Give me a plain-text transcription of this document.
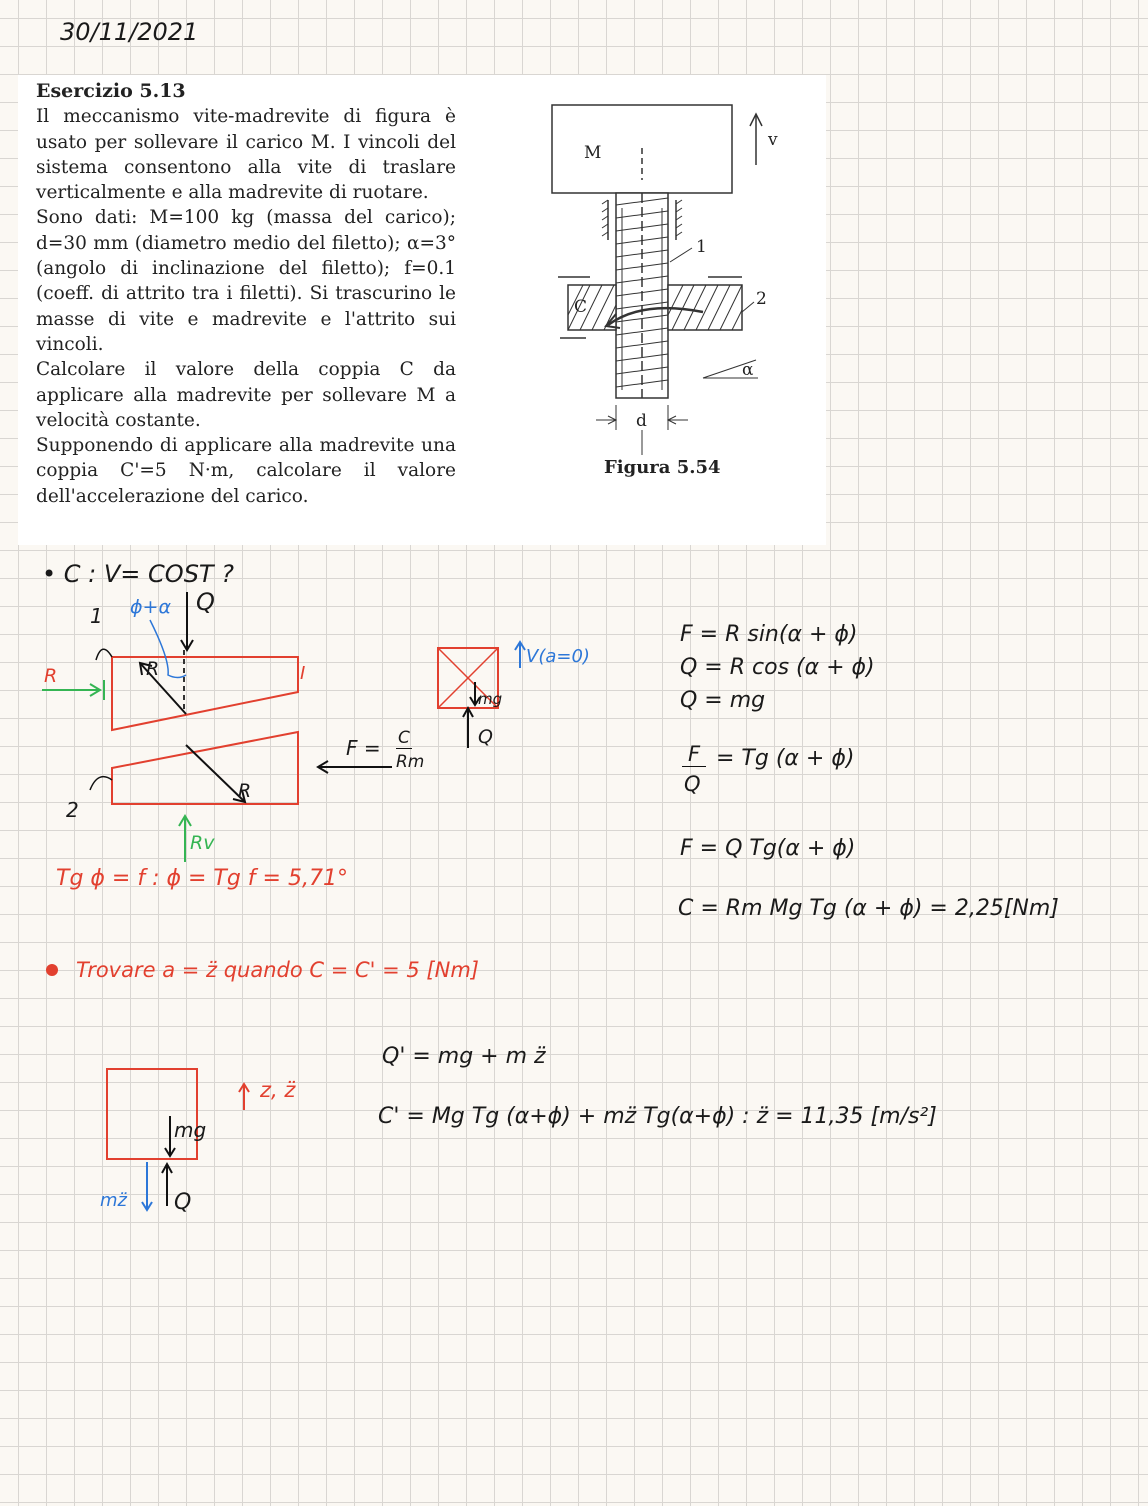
30/11/2021
Esercizio 5.13

Il meccanismo vite-madrevite di figura è usato per sollevare il carico M. I vincoli del sistema consentono alla vite di traslare verticalmente e alla madrevite di ruotare.

Sono dati: M=100 kg (massa del carico); d=30 mm (diametro medio del filetto); α=3° (angolo di inclinazione del filetto); f=0.1 (coeff. di attrito tra i filetti). Si trascurino le masse di vite e madrevite e l'attrito sui vincoli.

Calcolare il valore della coppia C da applicare alla madrevite per sollevare M a velocità costante.

Supponendo di applicare alla madrevite una coppia C'=5 N·m, calcolare il valore dell'accelerazione del carico.

M
v
1
2
C
α
d
Figura 5.54
• C : V= COST ?
ϕ+α Q
R
R
1
2
I
R
Rv
F = C
Rm
V(a=0)
mg
Q
Tg ϕ = f : ϕ = Tg f = 5,71°
F = R sin(α + ϕ)
Q = R cos (α + ϕ)
Q = mg
F
Q
= Tg (α + ϕ)
F = Q Tg(α + ϕ)
C = Rm Mg Tg (α + ϕ) = 2,25[Nm]
Trovare a = z̈ quando C = C' = 5 [Nm]
Q' = mg + m z̈
C' = Mg Tg (α+ϕ) + mz̈ Tg(α+ϕ) : z̈ = 11,35 [m/s²]
z, z̈
mg
mz̈ Q
